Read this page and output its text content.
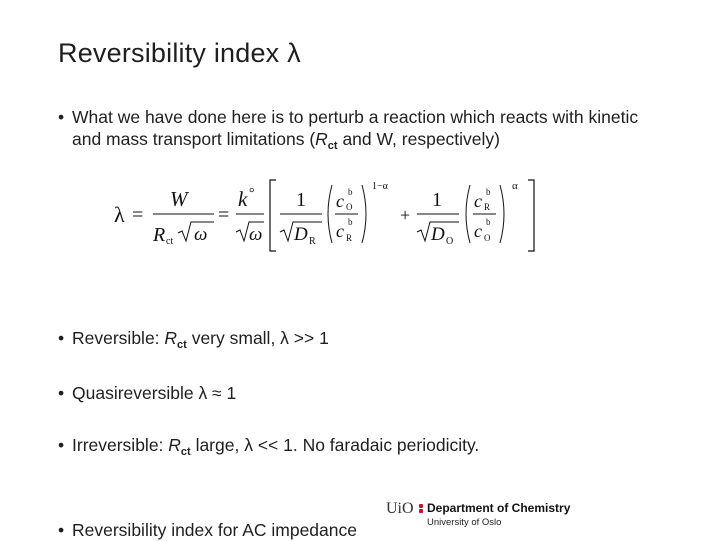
Reversibility index λ
• What we have done here is to perturb a reaction which reacts with kinetic and mass transport limitations ($R_{ct}$ and W, respectively)
λ =
W
R ct ω
=
k °
ω
1
D R
c b
O
c b
R
1−α
+
1
D O
c b
R
c b
O
α
• Reversible: $R_{ct}$ very small, λ >> 1
• Quasireversible λ ≈ 1
• Irreversible: $R_{ct}$ large, λ << 1. No faradaic periodicity.
• Reversibility index for AC impedance
UiO Department of Chemistry
University of Oslo
